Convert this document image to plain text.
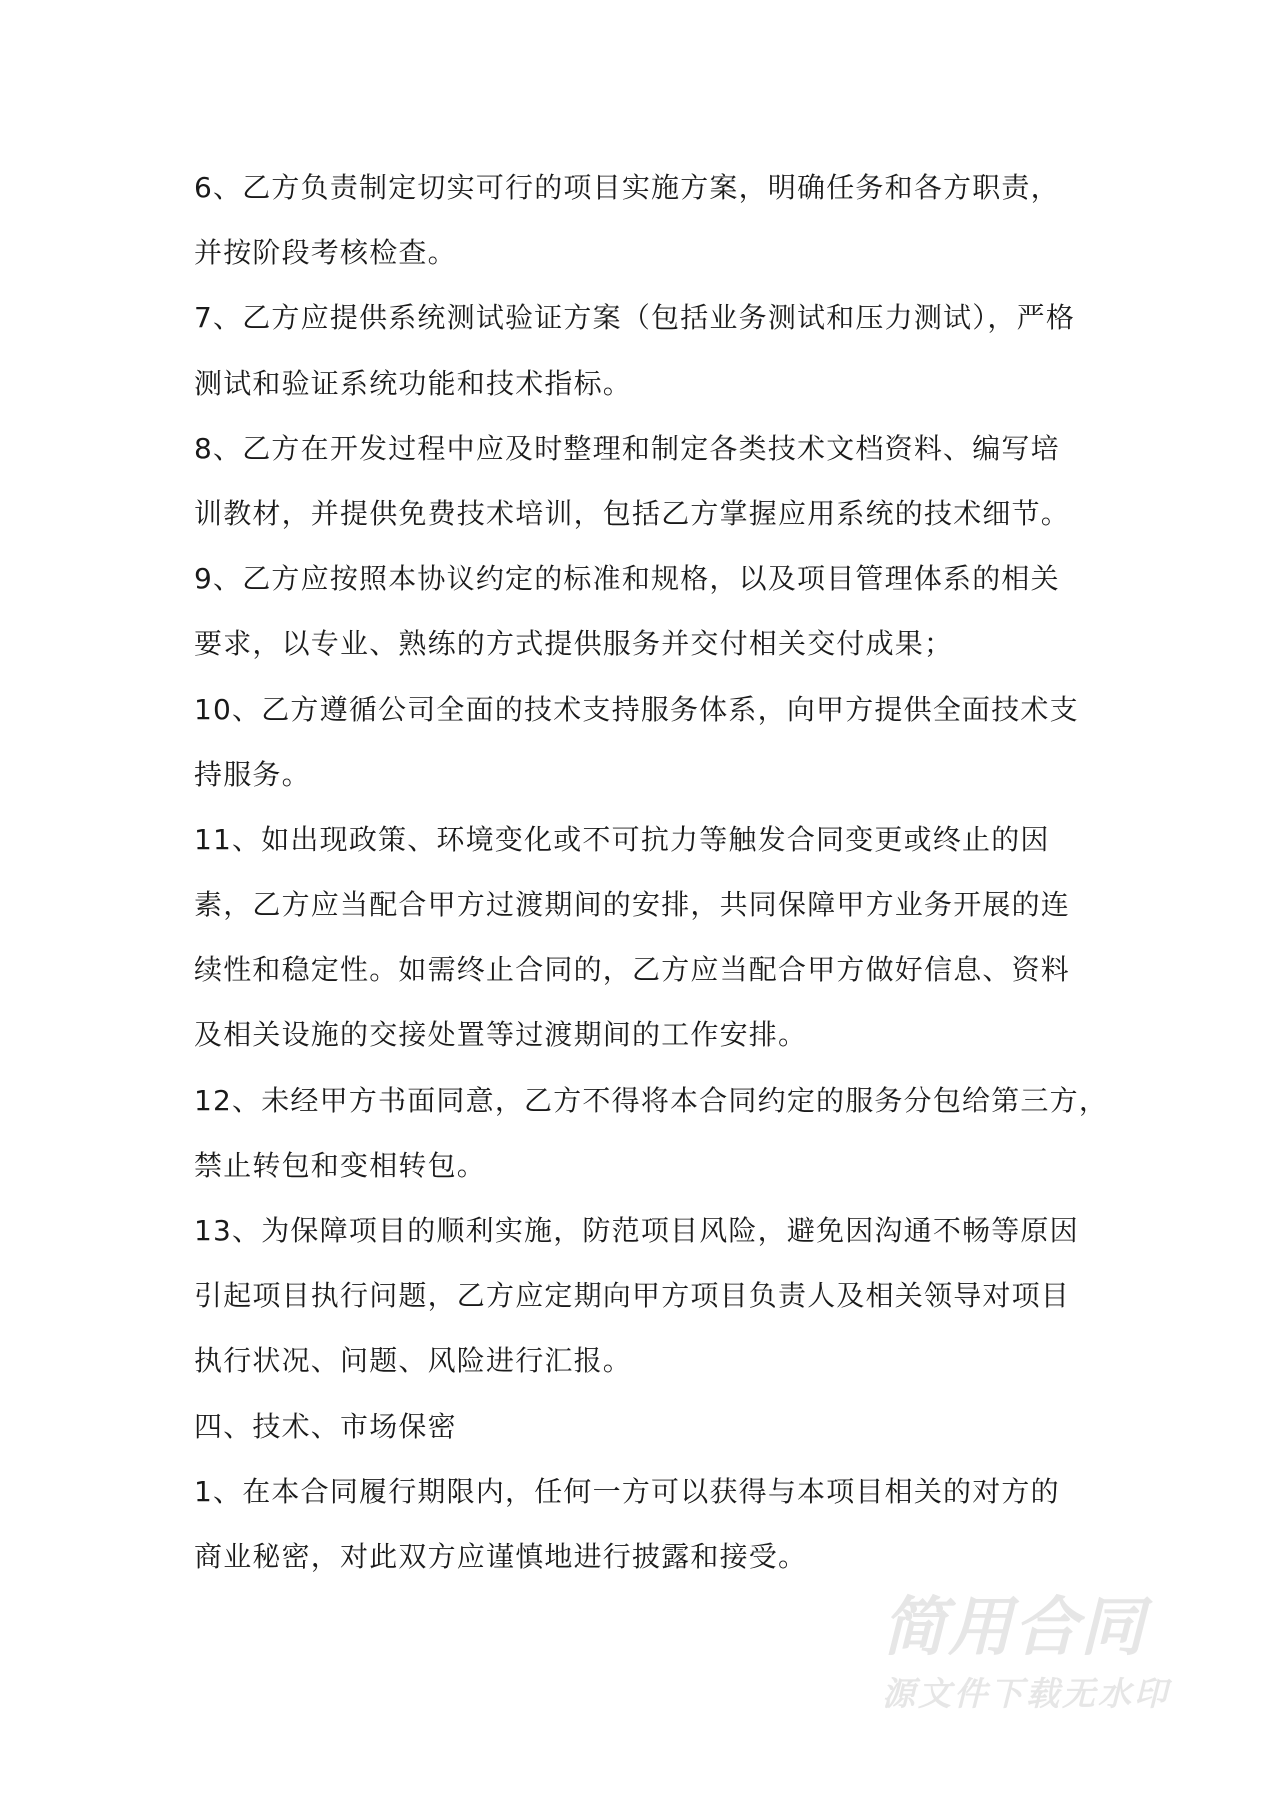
6、乙方负责制定切实可行的项目实施方案，明确任务和各方职责，
并按阶段考核检查。
7、乙方应提供系统测试验证方案（包括业务测试和压力测试），严格
测试和验证系统功能和技术指标。
8、乙方在开发过程中应及时整理和制定各类技术文档资料、编写培
训教材，并提供免费技术培训，包括乙方掌握应用系统的技术细节。
9、乙方应按照本协议约定的标准和规格，以及项目管理体系的相关
要求，以专业、熟练的方式提供服务并交付相关交付成果；
10、乙方遵循公司全面的技术支持服务体系，向甲方提供全面技术支
持服务。
11、如出现政策、环境变化或不可抗力等触发合同变更或终止的因
素，乙方应当配合甲方过渡期间的安排，共同保障甲方业务开展的连
续性和稳定性。如需终止合同的，乙方应当配合甲方做好信息、资料
及相关设施的交接处置等过渡期间的工作安排。
12、未经甲方书面同意，乙方不得将本合同约定的服务分包给第三方，
禁止转包和变相转包。
13、为保障项目的顺利实施，防范项目风险，避免因沟通不畅等原因
引起项目执行问题，乙方应定期向甲方项目负责人及相关领导对项目
执行状况、问题、风险进行汇报。
四、技术、市场保密
1、在本合同履行期限内，任何一方可以获得与本项目相关的对方的
商业秘密，对此双方应谨慎地进行披露和接受。
简用合同
源文件下载无水印
